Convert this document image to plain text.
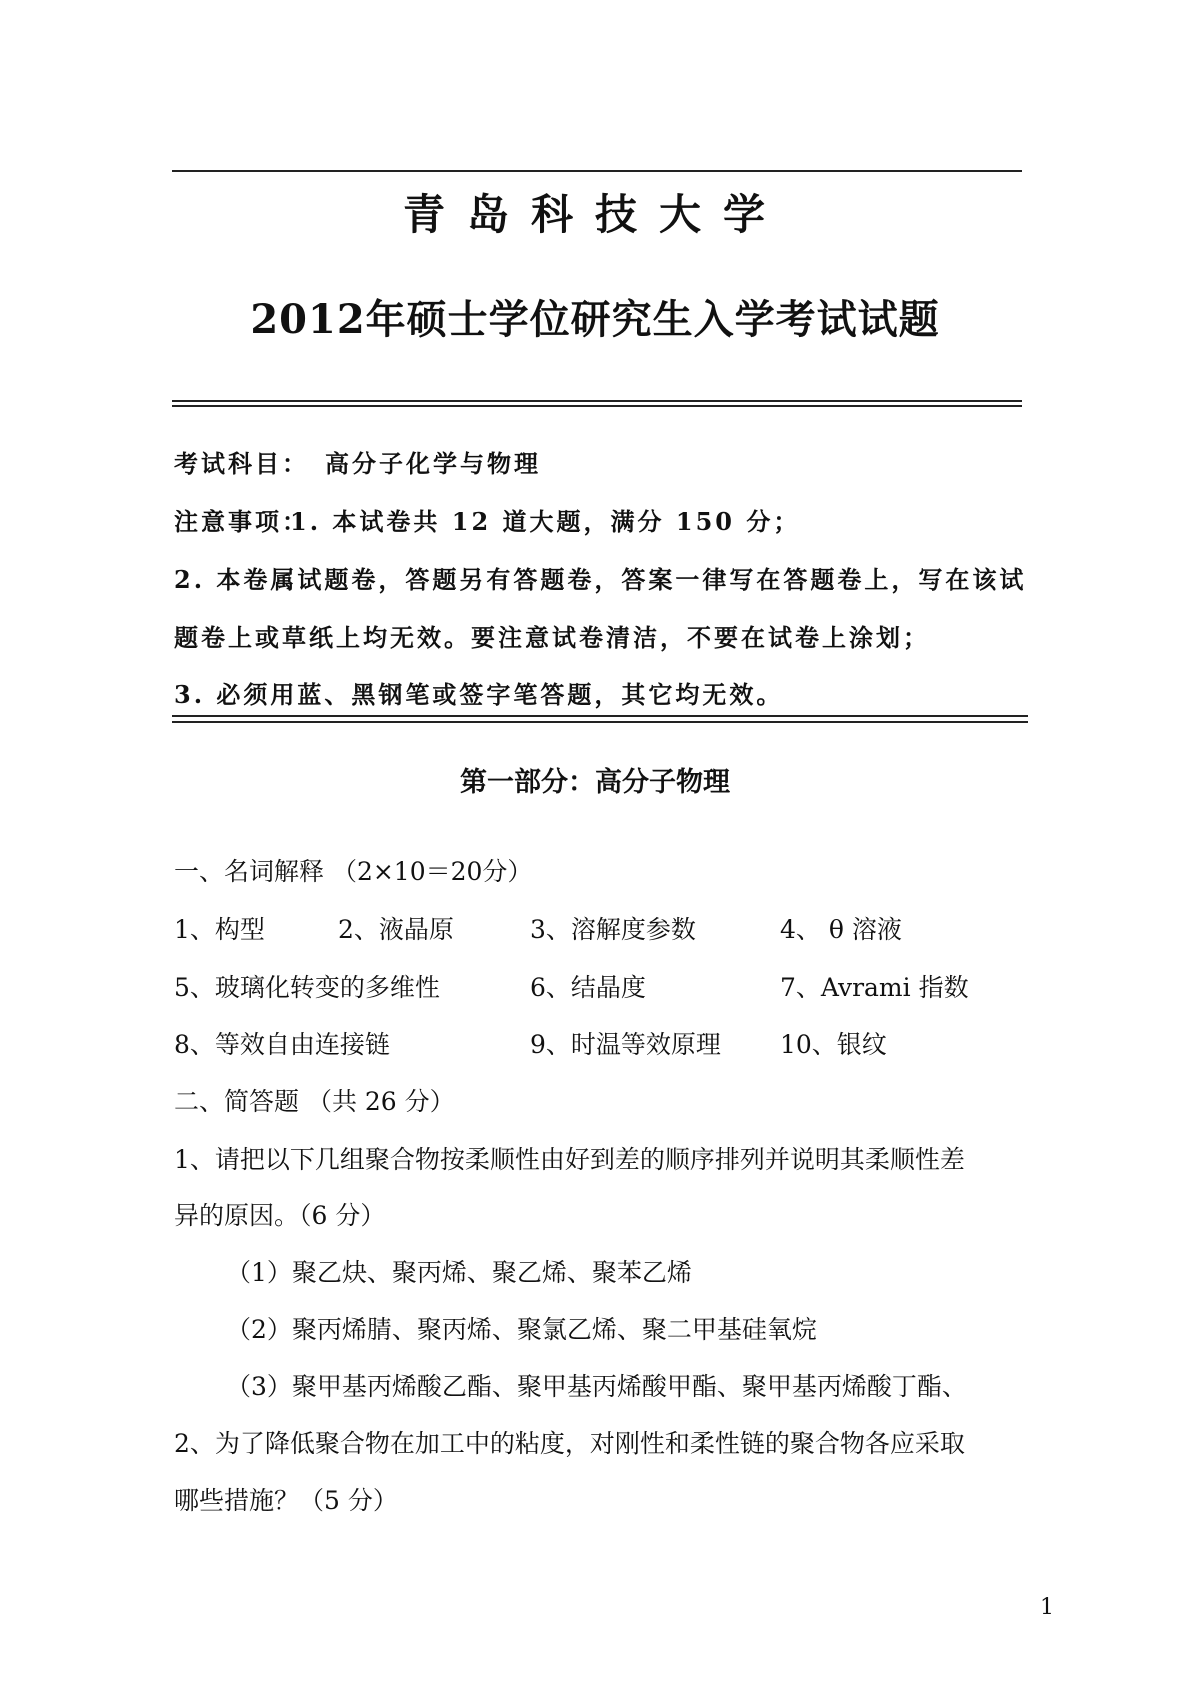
青岛科技大学
2012年硕士学位研究生入学考试试题
考试科目： 高分子化学与物理
注意事项：
1. 本试卷共 12 道大题，满分 150 分；
2. 本卷属试题卷，答题另有答题卷，答案一律写在答题卷上，写在该试
题卷上或草纸上均无效。要注意试卷清洁，不要在试卷上涂划；
3. 必须用蓝、黑钢笔或签字笔答题，其它均无效。
第一部分：高分子物理
一、名词解释 （2×10＝20分）
1、构型	2、液晶原	3、溶解度参数	4、 θ 溶液
5、玻璃化转变的多维性	6、结晶度	7、Avrami 指数
8、等效自由连接链	9、时温等效原理 10、银纹
二、简答题 （共 26 分）
1、请把以下几组聚合物按柔顺性由好到差的顺序排列并说明其柔顺性差
异的原因。（6 分）
（1）聚乙炔、聚丙烯、聚乙烯、聚苯乙烯
（2）聚丙烯腈、聚丙烯、聚氯乙烯、聚二甲基硅氧烷
（3）聚甲基丙烯酸乙酯、聚甲基丙烯酸甲酯、聚甲基丙烯酸丁酯、
2、为了降低聚合物在加工中的粘度，对刚性和柔性链的聚合物各应采取
哪些措施？（5 分）
1
